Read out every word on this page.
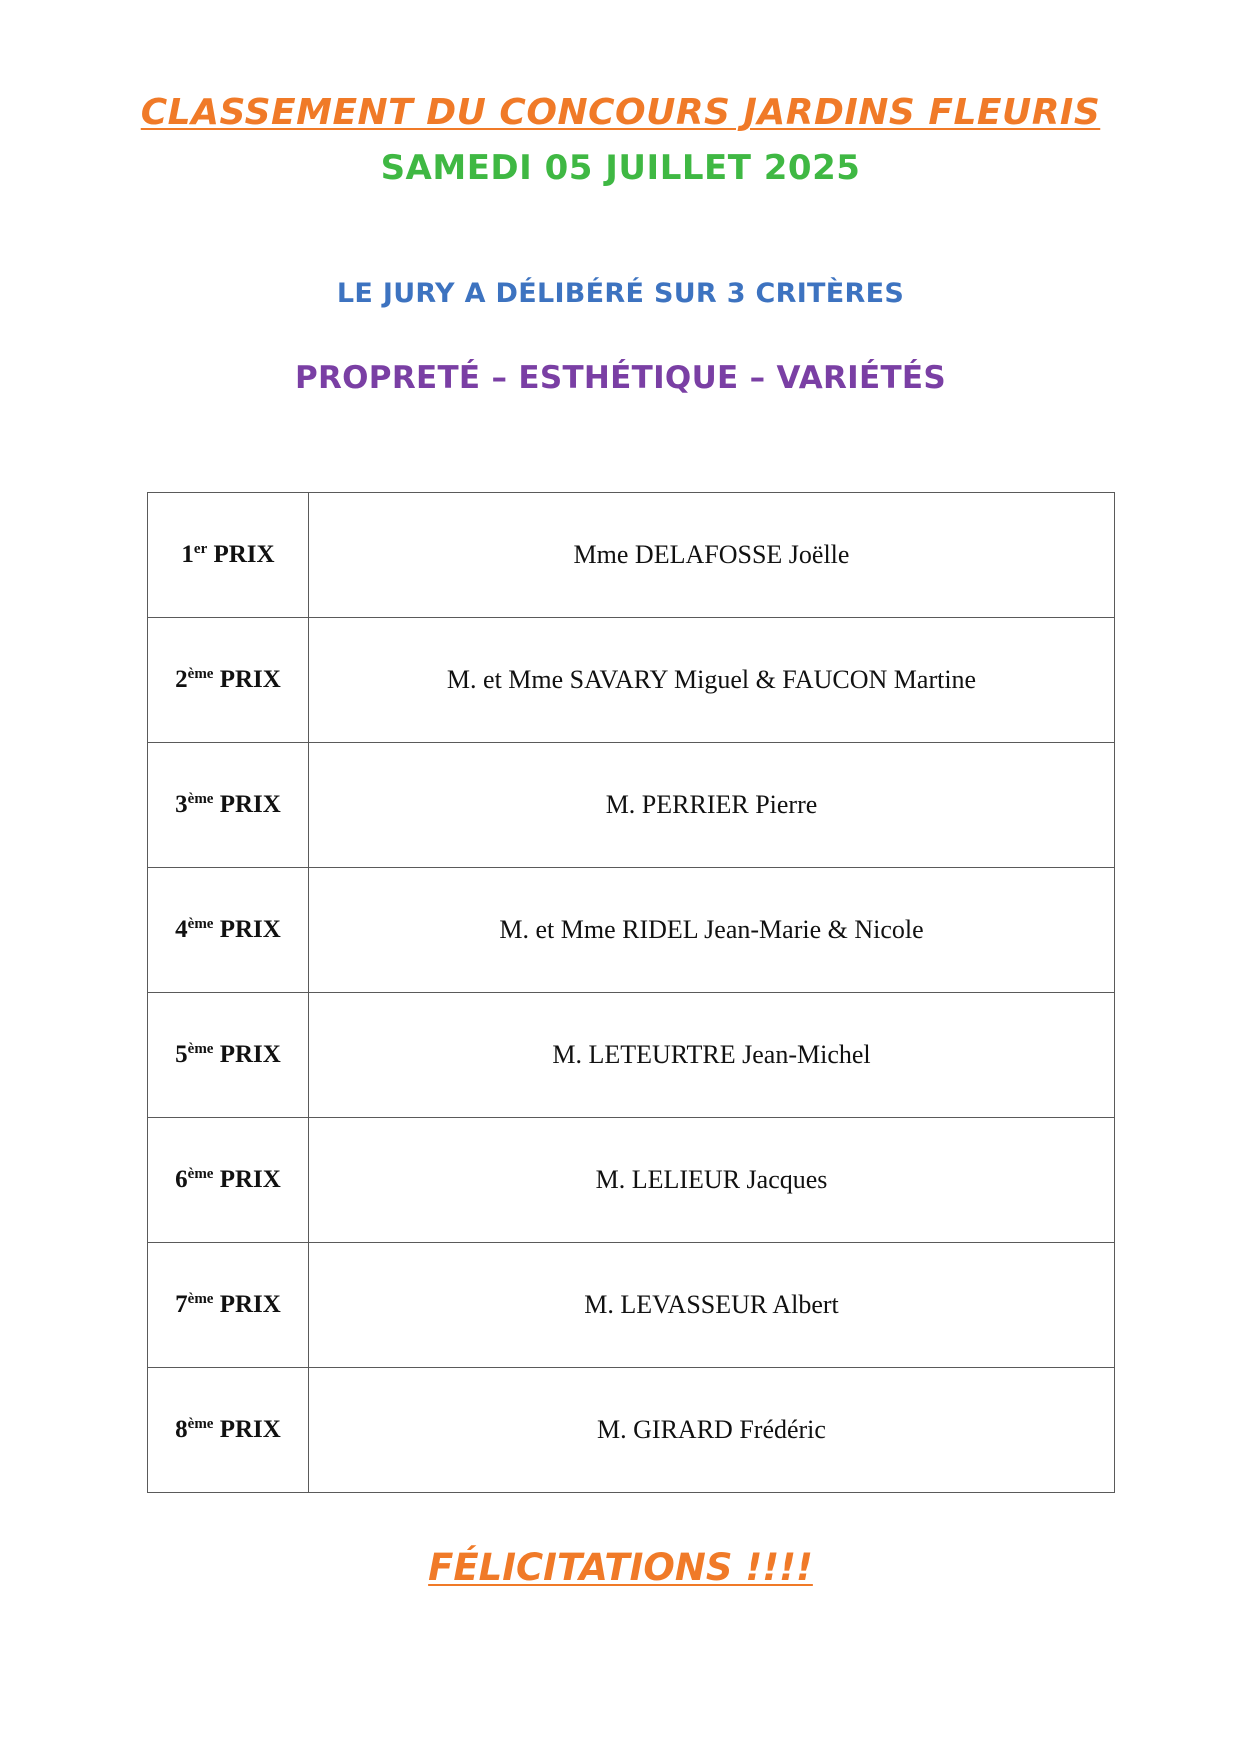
CLASSEMENT DU CONCOURS JARDINS FLEURIS
SAMEDI 05 JUILLET 2025
LE JURY A DÉLIBÉRÉ SUR 3 CRITÈRES
PROPRETÉ – ESTHÉTIQUE – VARIÉTÉS
1er PRIX	Mme DELAFOSSE Joëlle
2ème PRIX	M. et Mme SAVARY Miguel & FAUCON Martine
3ème PRIX	M. PERRIER Pierre
4ème PRIX	M. et Mme RIDEL Jean-Marie & Nicole
5ème PRIX	M. LETEURTRE Jean-Michel
6ème PRIX	M. LELIEUR Jacques
7ème PRIX	M. LEVASSEUR Albert
8ème PRIX	M. GIRARD Frédéric
FÉLICITATIONS !!!!
